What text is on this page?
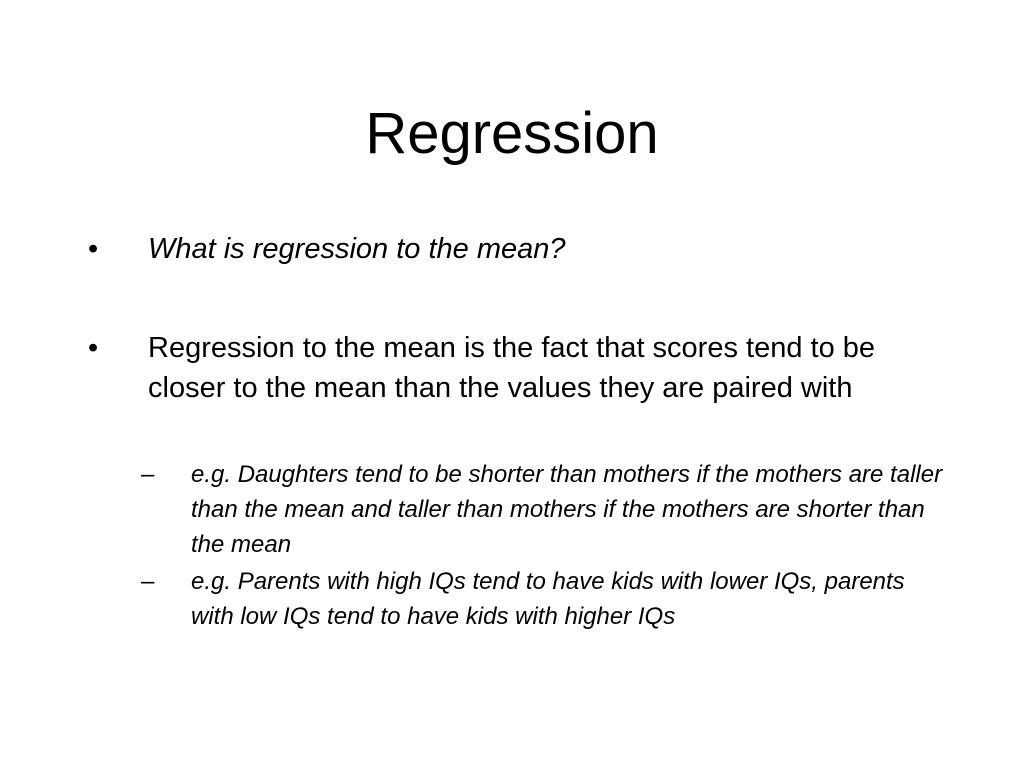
Regression
•	What is regression to the mean?
•	Regression to the mean is the fact that scores tend to be closer to the mean than the values they are paired with
–	e.g. Daughters tend to be shorter than mothers if the mothers are taller than the mean and taller than mothers if the mothers are shorter than the mean
–	e.g. Parents with high IQs tend to have kids with lower IQs, parents with low IQs tend to have kids with higher IQs
